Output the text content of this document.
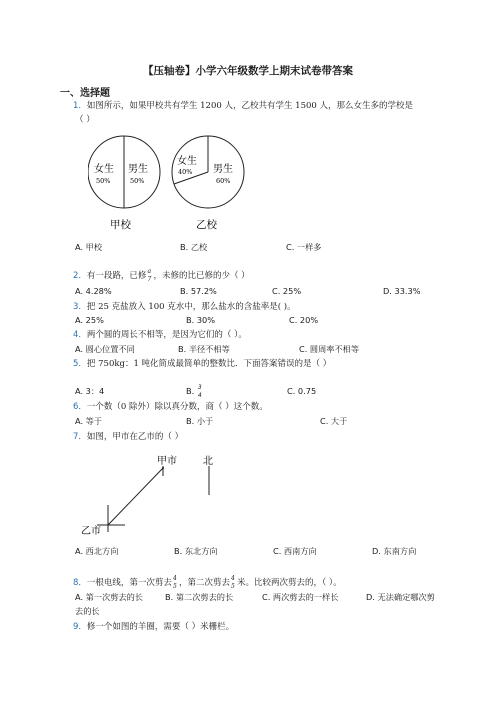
【压轴卷】小学六年级数学上期末试卷带答案
一、选择题
1．如图所示，如果甲校共有学生 1200 人，乙校共有学生 1500 人，那么女生多的学校是
（ ）
女生
50%
男生
50%
甲校
女生
40% 男生
60%
乙校
A. 甲校	B. 乙校	C. 一样多
2．有一段路，已修 a
7 ，未修的比已修的少（ ）
A. 4.28%	B. 57.2%	C. 25%	D. 33.3%
3．把 25 克盐放入 100 克水中，那么盐水的含盐率是( )。
A. 25%	B. 30%	C. 20%
4．两个圆的周长不相等，是因为它们的（ ）。
A. 圆心位置不同	B. 半径不相等	C. 圆周率不相等
5．把 750kg：1 吨化简成最简单的整数比．下面答案错误的是（ ）
A. 3：4	B. 3
4	C. 0.75
6．一个数（0 除外）除以真分数，商（ ）这个数。
A. 等于	B. 小于	C. 大于
7．如图，甲市在乙市的（ ）
甲市	北
乙市
A. 西北方向	B. 东北方向	C. 西南方向	D. 东南方向
8．一根电线，第一次剪去 4
5 ，第二次剪去 4
5 米。比较两次剪去的，（ ）。
A. 第一次剪去的长	B. 第二次剪去的长	C. 两次剪去的一样长	D. 无法确定哪次剪
去的长
9．修一个如图的羊圈，需要（ ）米栅栏。
